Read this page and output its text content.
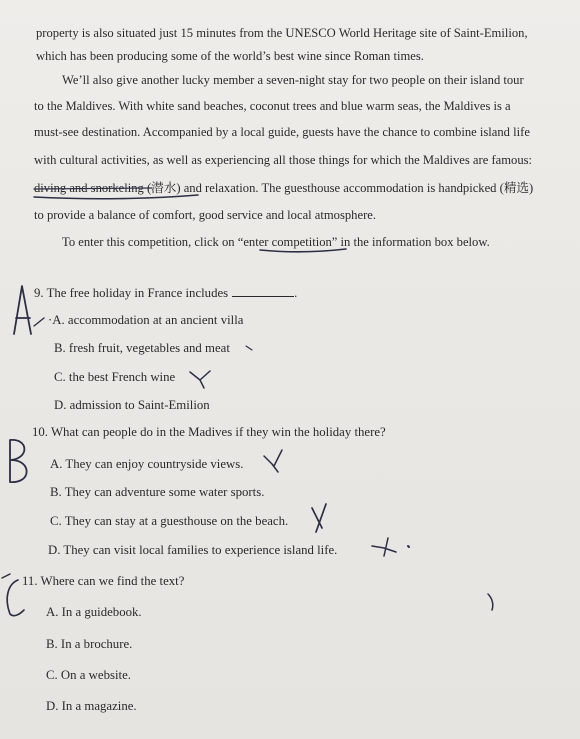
property is also situated just 15 minutes from the UNESCO World Heritage site of Saint-Emilion,
which has been producing some of the world’s best wine since Roman times.
We’ll also give another lucky member a seven-night stay for two people on their island tour
to the Maldives. With white sand beaches, coconut trees and blue warm seas, the Maldives is a
must-see destination. Accompanied by a local guide, guests have the chance to combine island life
with cultural activities, as well as experiencing all those things for which the Maldives are famous:
diving and snorkeling (潜水) and relaxation. The guesthouse accommodation is handpicked (精选)
to provide a balance of comfort, good service and local atmosphere.
To enter this competition, click on “enter competition” in the information box below.
9. The free holiday in France includes	.
·A. accommodation at an ancient villa
B. fresh fruit, vegetables and meat
C. the best French wine
D. admission to Saint-Emilion
10. What can people do in the Madives if they win the holiday there?
A. They can enjoy countryside views.
B. They can adventure some water sports.
C. They can stay at a guesthouse on the beach.
D. They can visit local families to experience island life.
11. Where can we find the text?
A. In a guidebook.
B. In a brochure.
C. On a website.
D. In a magazine.
